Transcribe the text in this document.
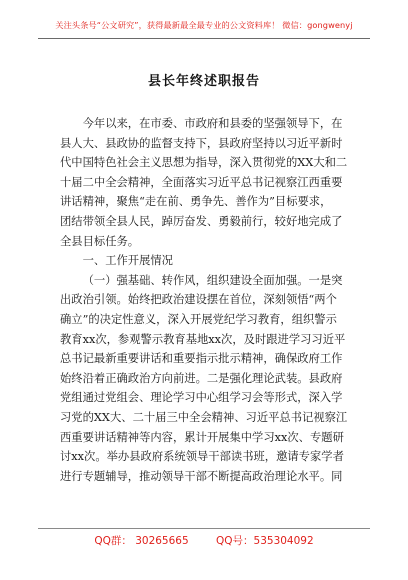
关注头条号“公文研究”，获得最新最全最专业的公文资料库！ 微信：gongwenyj
县长年终述职报告

今年以来，在市委、市政府和县委的坚强领导下，在

县人大、县政协的监督支持下，县政府坚持以习近平新时
代中国特色社会主义思想为指导，深入贯彻党的XX大和二
十届二中全会精神，全面落实习近平总书记视察江西重要
讲话精神，聚焦“走在前、勇争先、善作为”目标要求，
团结带领全县人民，踔厉奋发、勇毅前行，较好地完成了
全县目标任务。

一、工作开展情况

（一）强基础、转作风，组织建设全面加强。一是突

出政治引领。始终把政治建设摆在首位，深刻领悟“两个
确立”的决定性意义，深入开展党纪学习教育，组织警示
教育xx次，参观警示教育基地xx次，及时跟进学习习近平
总书记最新重要讲话和重要指示批示精神，确保政府工作
始终沿着正确政治方向前进。二是强化理论武装。县政府
党组通过党组会、理论学习中心组学习会等形式，深入学
习党的XX大、二十届三中全会精神、习近平总书记视察江
西重要讲话精神等内容，累计开展集中学习xx次、专题研
讨xx次。举办县政府系统领导干部读书班，邀请专家学者
进行专题辅导，推动领导干部不断提高政治理论水平。同
QQ群： 30265665	QQ号：535304092
